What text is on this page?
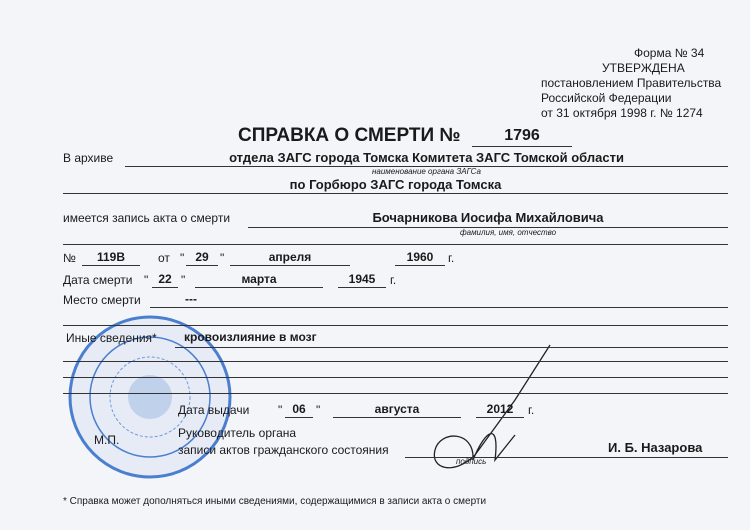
Форма № 34
УТВЕРЖДЕНА
постановлением Правительства
Российской Федерации
от 31 октября 1998 г. № 1274
СПРАВКА О СМЕРТИ №	1796
В архиве	отдела ЗАГС города Томска Комитета ЗАГС Томской области
наименование органа ЗАГСа
по Горбюро ЗАГС города Томска
имеется запись акта о смерти	Бочарникова Иосифа Михайловича
фамилия, имя, отчество
№	119В	от " 29 "	апреля	1960	г.
Дата смерти " 22 "	марта	1945	г.
Место смерти	---
Иные сведения* кровоизлияние в мозг
Дата выдачи " 06 "	августа	2012	г.
М.П.	Руководитель органа
записи актов гражданского состояния
подпись
И. Б. Назарова
* Справка может дополняться иными сведениями, содержащимися в записи акта о смерти
